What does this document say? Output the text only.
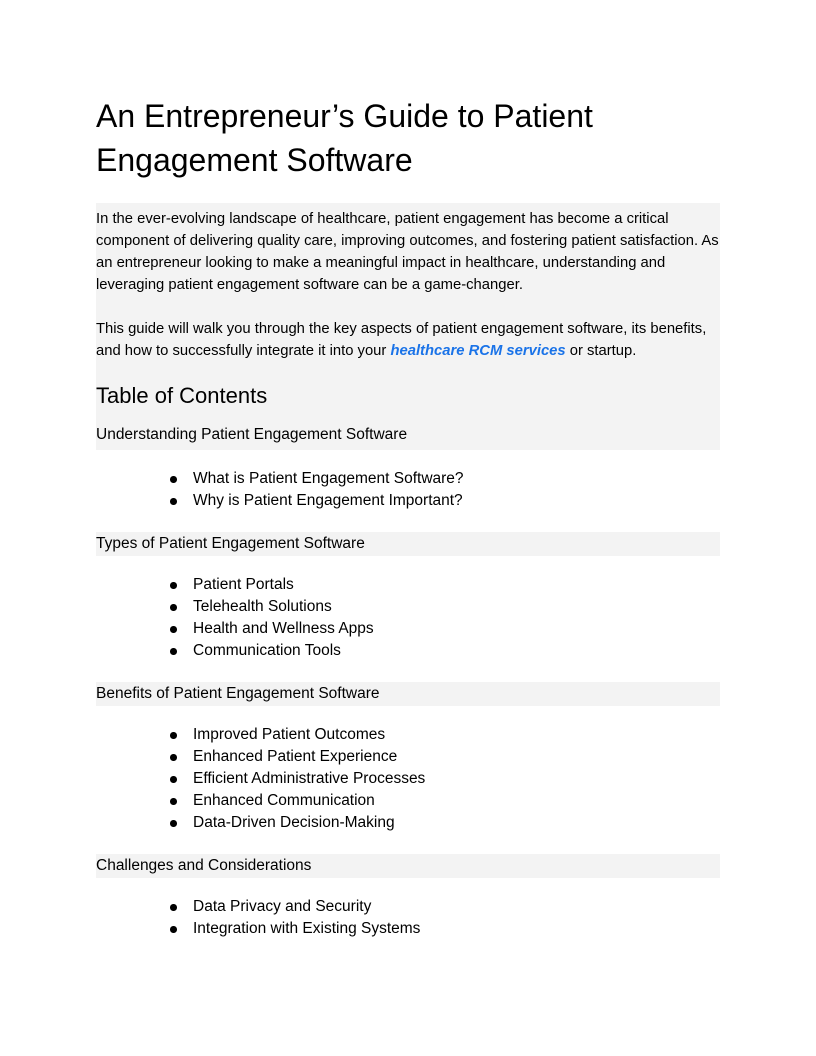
An Entrepreneur’s Guide to Patient Engagement Software

In the ever-evolving landscape of healthcare, patient engagement has become a critical component of delivering quality care, improving outcomes, and fostering patient satisfaction. As an entrepreneur looking to make a meaningful impact in healthcare, understanding and leveraging patient engagement software can be a game-changer.

This guide will walk you through the key aspects of patient engagement software, its benefits, and how to successfully integrate it into your healthcare RCM services or startup.

Table of Contents

Understanding Patient Engagement Software

What is Patient Engagement Software?
Why is Patient Engagement Important?

Types of Patient Engagement Software

Patient Portals
Telehealth Solutions
Health and Wellness Apps
Communication Tools

Benefits of Patient Engagement Software

Improved Patient Outcomes
Enhanced Patient Experience
Efficient Administrative Processes
Enhanced Communication
Data-Driven Decision-Making

Challenges and Considerations

Data Privacy and Security
Integration with Existing Systems
